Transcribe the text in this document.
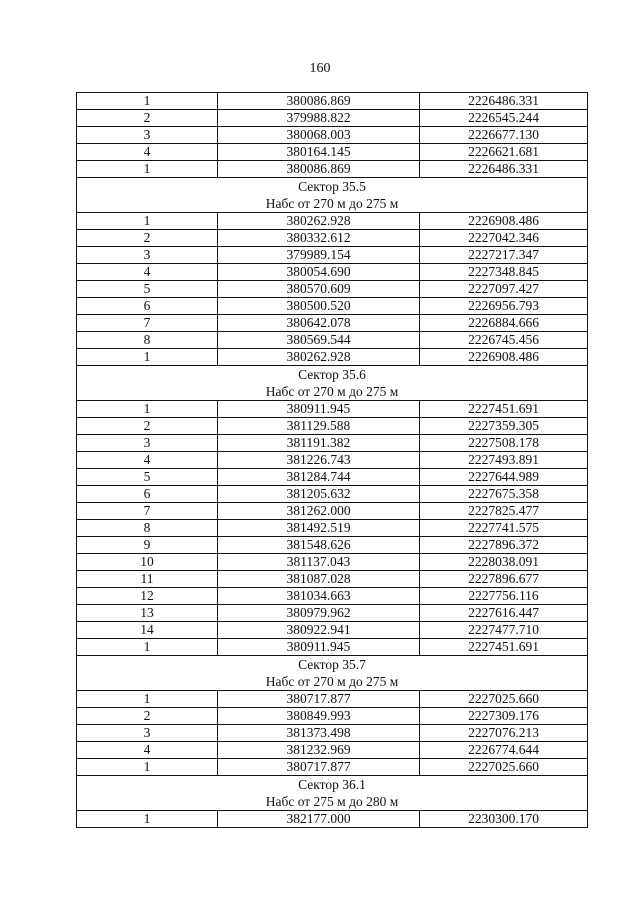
160
1	380086.869	2226486.331
2	379988.822	2226545.244
3	380068.003	2226677.130
4	380164.145	2226621.681
1	380086.869	2226486.331
Сектор 35.5		
Набс от 270 м до 275 м		
1	380262.928	2226908.486
2	380332.612	2227042.346
3	379989.154	2227217.347
4	380054.690	2227348.845
5	380570.609	2227097.427
6	380500.520	2226956.793
7	380642.078	2226884.666
8	380569.544	2226745.456
1	380262.928	2226908.486
Сектор 35.6		
Набс от 270 м до 275 м		
1	380911.945	2227451.691
2	381129.588	2227359.305
3	381191.382	2227508.178
4	381226.743	2227493.891
5	381284.744	2227644.989
6	381205.632	2227675.358
7	381262.000	2227825.477
8	381492.519	2227741.575
9	381548.626	2227896.372
10	381137.043	2228038.091
11	381087.028	2227896.677
12	381034.663	2227756.116
13	380979.962	2227616.447
14	380922.941	2227477.710
1	380911.945	2227451.691
Сектор 35.7		
Набс от 270 м до 275 м		
1	380717.877	2227025.660
2	380849.993	2227309.176
3	381373.498	2227076.213
4	381232.969	2226774.644
1	380717.877	2227025.660
Сектор 36.1		
Набс от 275 м до 280 м		
1	382177.000	2230300.170
